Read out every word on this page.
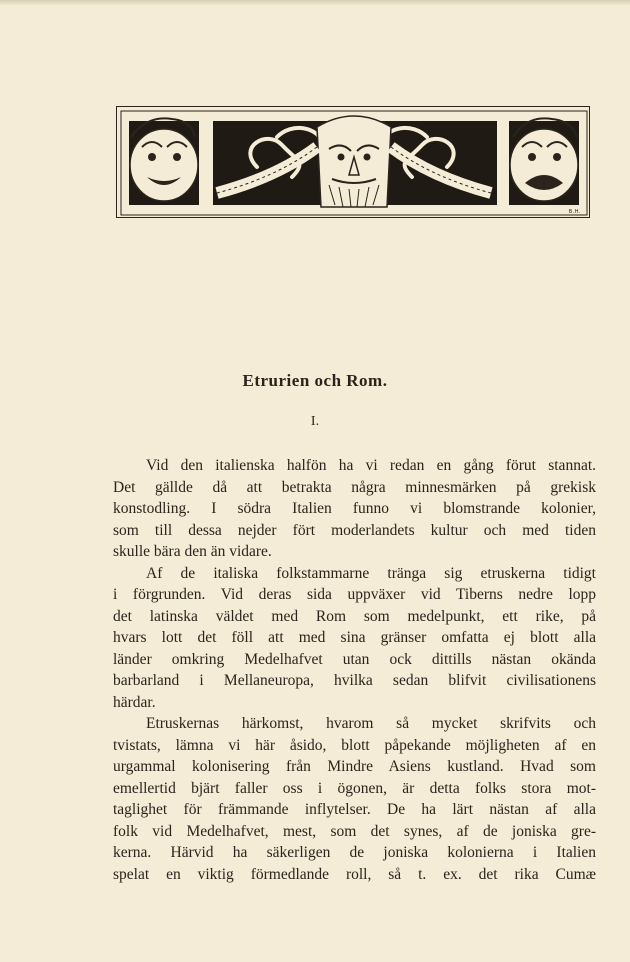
B.H.
Etrurien och Rom.
I.
Vid den italienska halfön ha vi redan en gång förut stannat.
Det gällde då att betrakta några minnesmärken på grekisk
konstodling. I södra Italien funno vi blomstrande kolonier,
som till dessa nejder fört moderlandets kultur och med tiden
skulle bära den än vidare.
Af de italiska folkstammarne tränga sig etruskerna tidigt
i förgrunden. Vid deras sida uppväxer vid Tiberns nedre lopp
det latinska väldet med Rom som medelpunkt, ett rike, på
hvars lott det föll att med sina gränser omfatta ej blott alla
länder omkring Medelhafvet utan ock dittills nästan okända
barbarland i Mellaneuropa, hvilka sedan blifvit civilisationens
härdar.
Etruskernas härkomst, hvarom så mycket skrifvits och
tvistats, lämna vi här åsido, blott påpekande möjligheten af en
urgammal kolonisering från Mindre Asiens kustland. Hvad som
emellertid bjärt faller oss i ögonen, är detta folks stora mot-
taglighet för främmande inflytelser. De ha lärt nästan af alla
folk vid Medelhafvet, mest, som det synes, af de joniska gre-
kerna. Härvid ha säkerligen de joniska kolonierna i Italien
spelat en viktig förmedlande roll, så t. ex. det rika Cumæ
